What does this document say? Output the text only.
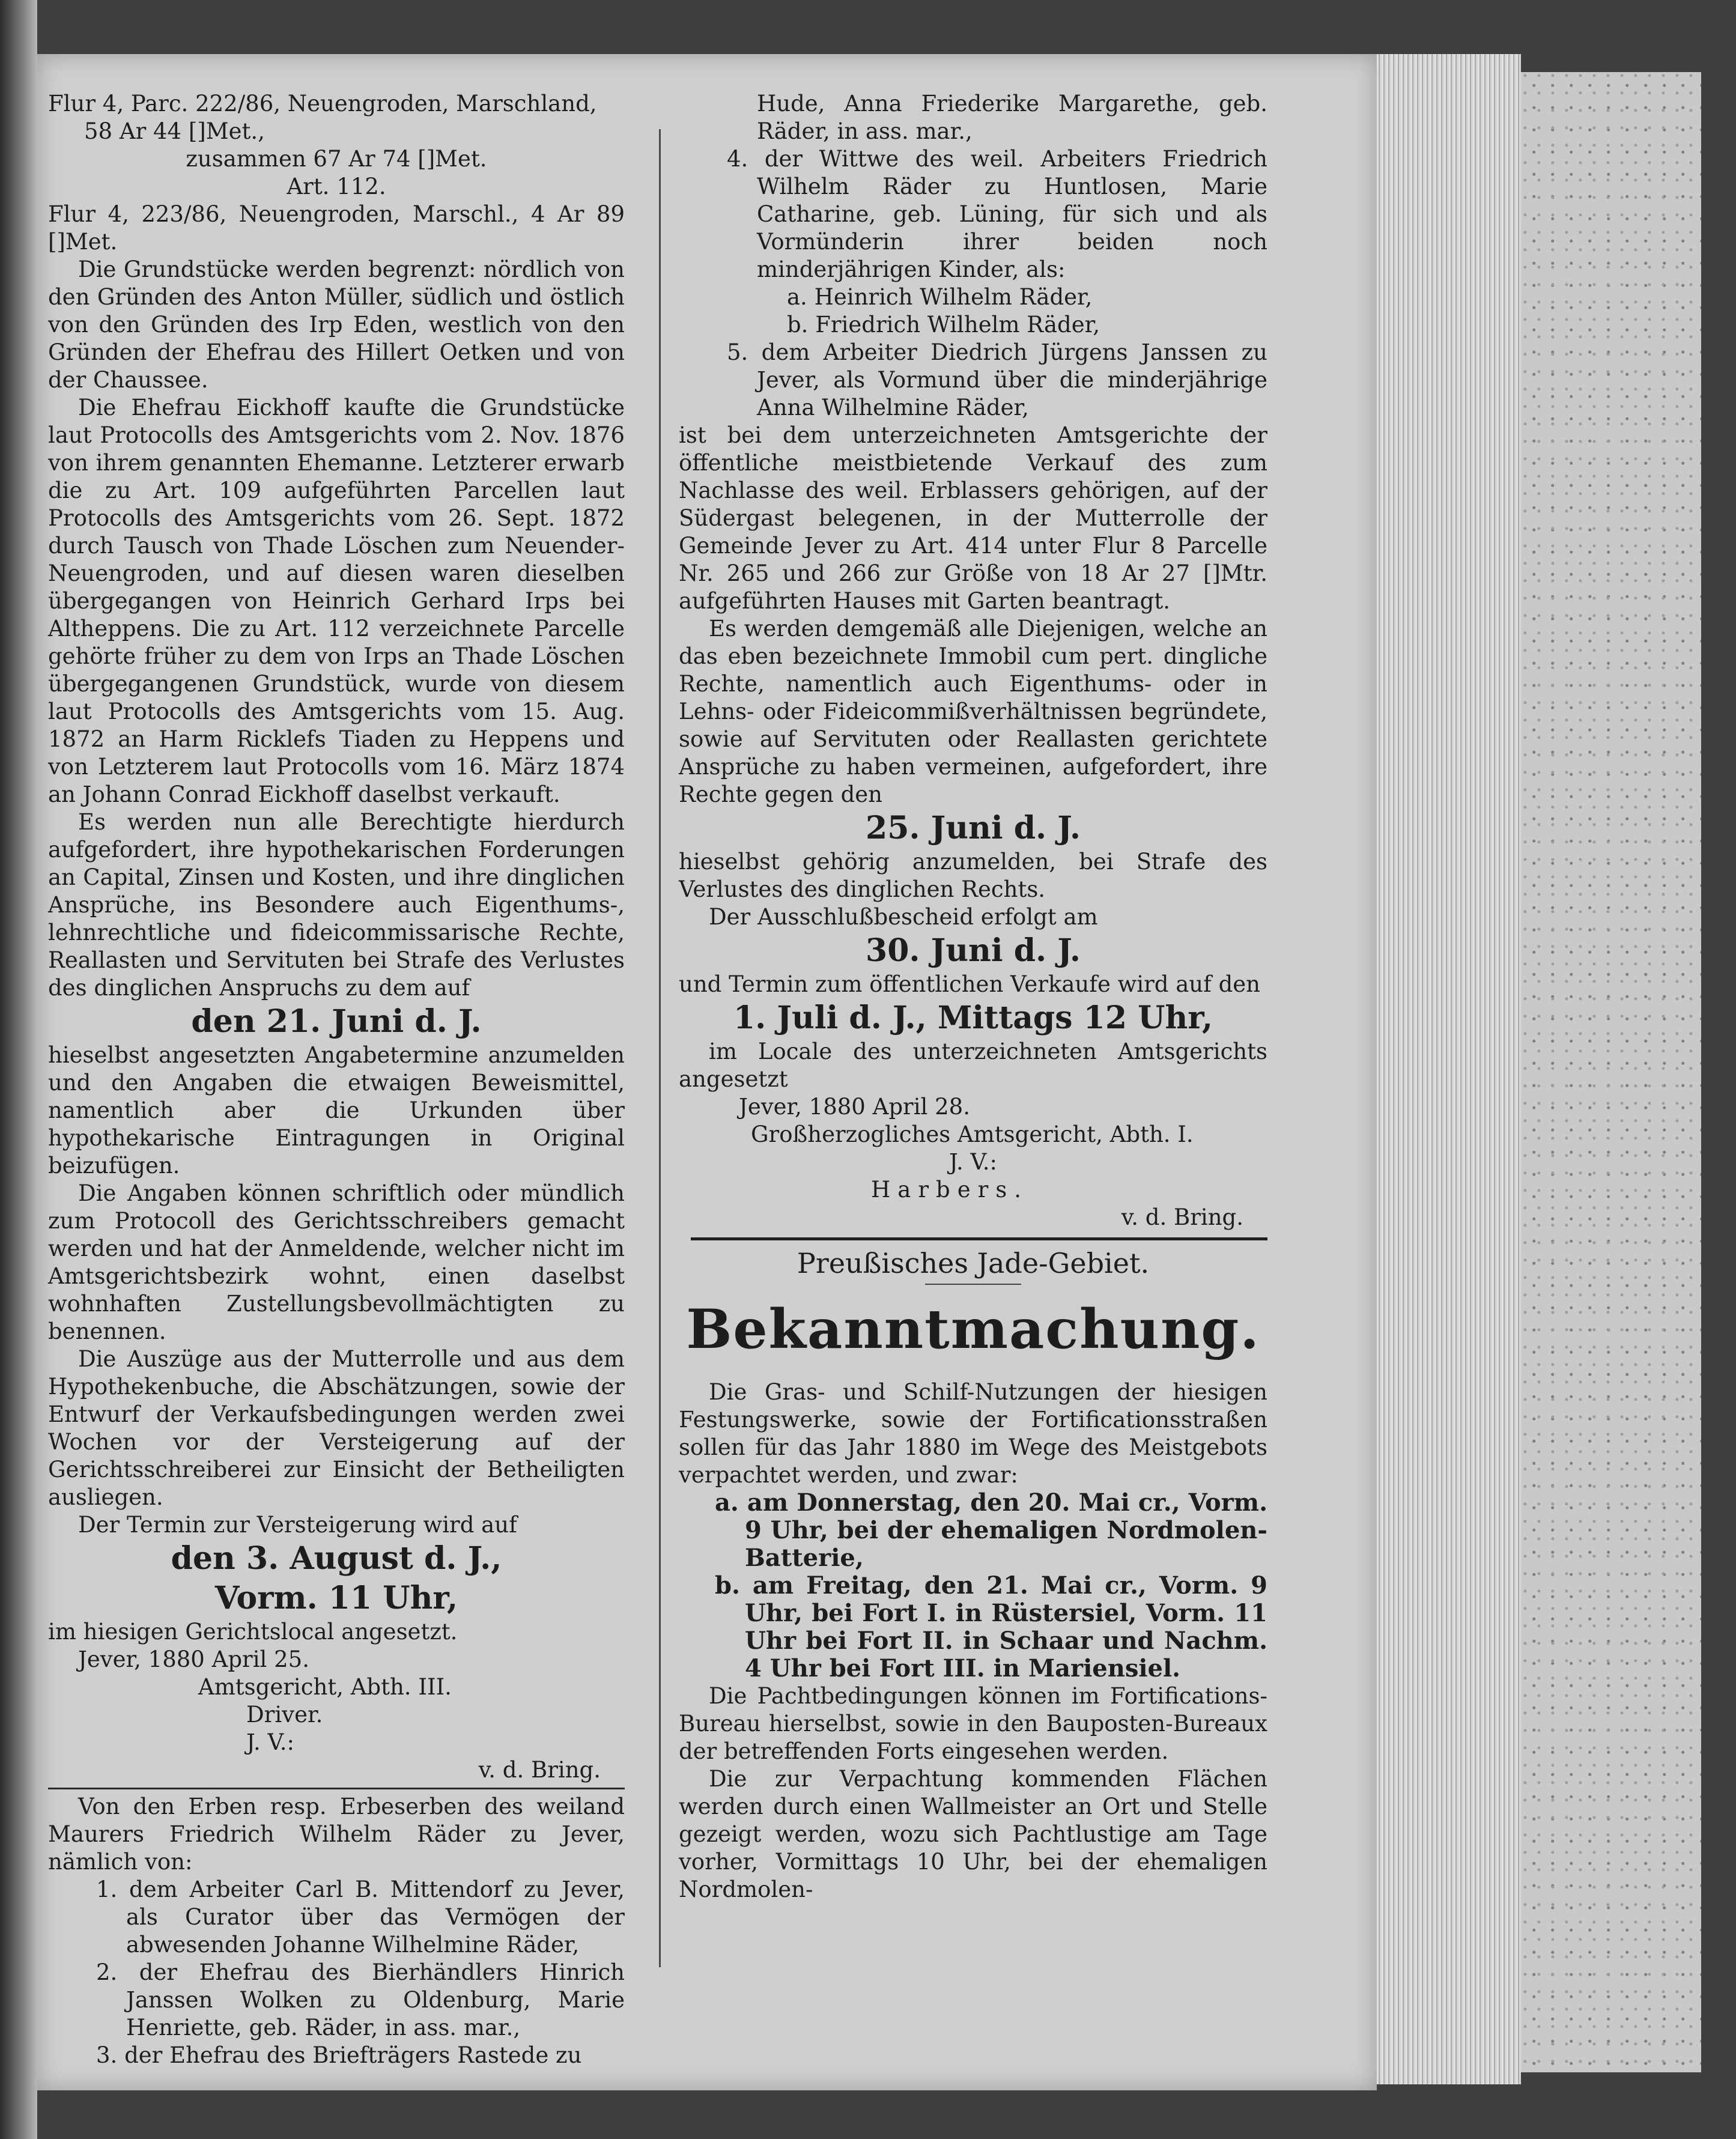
Flur 4, Parc. 222/86, Neuengroden, Marschland,

58 Ar 44 []Met.,

zusammen 67 Ar 74 []Met.

Art. 112.

Flur 4, 223/86, Neuengroden, Marschl., 4 Ar 89 []Met.

Die Grundstücke werden begrenzt: nördlich von den Gründen des Anton Müller, südlich und östlich von den Gründen des Irp Eden, westlich von den Gründen der Ehefrau des Hillert Oetken und von der Chaussee.

Die Ehefrau Eickhoff kaufte die Grundstücke laut Protocolls des Amtsgerichts vom 2. Nov. 1876 von ihrem genannten Ehemanne. Letzterer erwarb die zu Art. 109 aufgeführten Parcellen laut Protocolls des Amtsgerichts vom 26. Sept. 1872 durch Tausch von Thade Löschen zum Neuender-Neuengroden, und auf diesen waren dieselben übergegangen von Heinrich Gerhard Irps bei Altheppens. Die zu Art. 112 verzeichnete Parcelle gehörte früher zu dem von Irps an Thade Löschen übergegangenen Grundstück, wurde von diesem laut Protocolls des Amtsgerichts vom 15. Aug. 1872 an Harm Ricklefs Tiaden zu Heppens und von Letzterem laut Protocolls vom 16. März 1874 an Johann Conrad Eickhoff daselbst verkauft.

Es werden nun alle Berechtigte hierdurch aufgefordert, ihre hypothekarischen Forderungen an Capital, Zinsen und Kosten, und ihre dinglichen Ansprüche, ins Besondere auch Eigenthums-, lehnrechtliche und fideicommissarische Rechte, Reallasten und Servituten bei Strafe des Verlustes des dinglichen Anspruchs zu dem auf

den 21. Juni d. J.

hieselbst angesetzten Angabetermine anzumelden und den Angaben die etwaigen Beweismittel, namentlich aber die Urkunden über hypothekarische Eintragungen in Original beizufügen.

Die Angaben können schriftlich oder mündlich zum Protocoll des Gerichtsschreibers gemacht werden und hat der Anmeldende, welcher nicht im Amtsgerichtsbezirk wohnt, einen daselbst wohnhaften Zustellungsbevollmächtigten zu benennen.

Die Auszüge aus der Mutterrolle und aus dem Hypothekenbuche, die Abschätzungen, sowie der Entwurf der Verkaufsbedingungen werden zwei Wochen vor der Versteigerung auf der Gerichtsschreiberei zur Einsicht der Betheiligten ausliegen.

Der Termin zur Versteigerung wird auf

den 3. August d. J.,

Vorm. 11 Uhr,

im hiesigen Gerichtslocal angesetzt.

Jever, 1880 April 25.

Amtsgericht, Abth. III.

Driver.

J. V.:

v. d. Bring.

Von den Erben resp. Erbeserben des weiland Maurers Friedrich Wilhelm Räder zu Jever, nämlich von:

1. dem Arbeiter Carl B. Mittendorf zu Jever, als Curator über das Vermögen der abwesenden Johanne Wilhelmine Räder,

2. der Ehefrau des Bierhändlers Hinrich Janssen Wolken zu Oldenburg, Marie Henriette, geb. Räder, in ass. mar.,

3. der Ehefrau des Briefträgers Rastede zu

Hude, Anna Friederike Margarethe, geb. Räder, in ass. mar.,

4. der Wittwe des weil. Arbeiters Friedrich Wilhelm Räder zu Huntlosen, Marie Catharine, geb. Lüning, für sich und als Vormünderin ihrer beiden noch minderjährigen Kinder, als:

a. Heinrich Wilhelm Räder,

b. Friedrich Wilhelm Räder,

5. dem Arbeiter Diedrich Jürgens Janssen zu Jever, als Vormund über die minderjährige Anna Wilhelmine Räder,

ist bei dem unterzeichneten Amtsgerichte der öffentliche meistbietende Verkauf des zum Nachlasse des weil. Erblassers gehörigen, auf der Südergast belegenen, in der Mutterrolle der Gemeinde Jever zu Art. 414 unter Flur 8 Parcelle Nr. 265 und 266 zur Größe von 18 Ar 27 []Mtr. aufgeführten Hauses mit Garten beantragt.

Es werden demgemäß alle Diejenigen, welche an das eben bezeichnete Immobil cum pert. dingliche Rechte, namentlich auch Eigenthums- oder in Lehns- oder Fideicommißverhältnissen begründete, sowie auf Servituten oder Reallasten gerichtete Ansprüche zu haben vermeinen, aufgefordert, ihre Rechte gegen den

25. Juni d. J.

hieselbst gehörig anzumelden, bei Strafe des Verlustes des dinglichen Rechts.

Der Ausschlußbescheid erfolgt am

30. Juni d. J.

und Termin zum öffentlichen Verkaufe wird auf den

1. Juli d. J., Mittags 12 Uhr,

im Locale des unterzeichneten Amtsgerichts angesetzt

Jever, 1880 April 28.

Großherzogliches Amtsgericht, Abth. I.

J. V.:

Harbers.

v. d. Bring.

Preußisches Jade-Gebiet.

Bekanntmachung.

Die Gras- und Schilf-Nutzungen der hiesigen Festungswerke, sowie der Fortificationsstraßen sollen für das Jahr 1880 im Wege des Meistgebots verpachtet werden, und zwar:

a. am Donnerstag, den 20. Mai cr., Vorm. 9 Uhr, bei der ehemaligen Nordmolen-Batterie,

b. am Freitag, den 21. Mai cr., Vorm. 9 Uhr, bei Fort I. in Rüstersiel, Vorm. 11 Uhr bei Fort II. in Schaar und Nachm. 4 Uhr bei Fort III. in Mariensiel.

Die Pachtbedingungen können im Fortifications-Bureau hierselbst, sowie in den Bauposten-Bureaux der betreffenden Forts eingesehen werden.

Die zur Verpachtung kommenden Flächen werden durch einen Wallmeister an Ort und Stelle gezeigt werden, wozu sich Pachtlustige am Tage vorher, Vormittags 10 Uhr, bei der ehemaligen Nordmolen-
